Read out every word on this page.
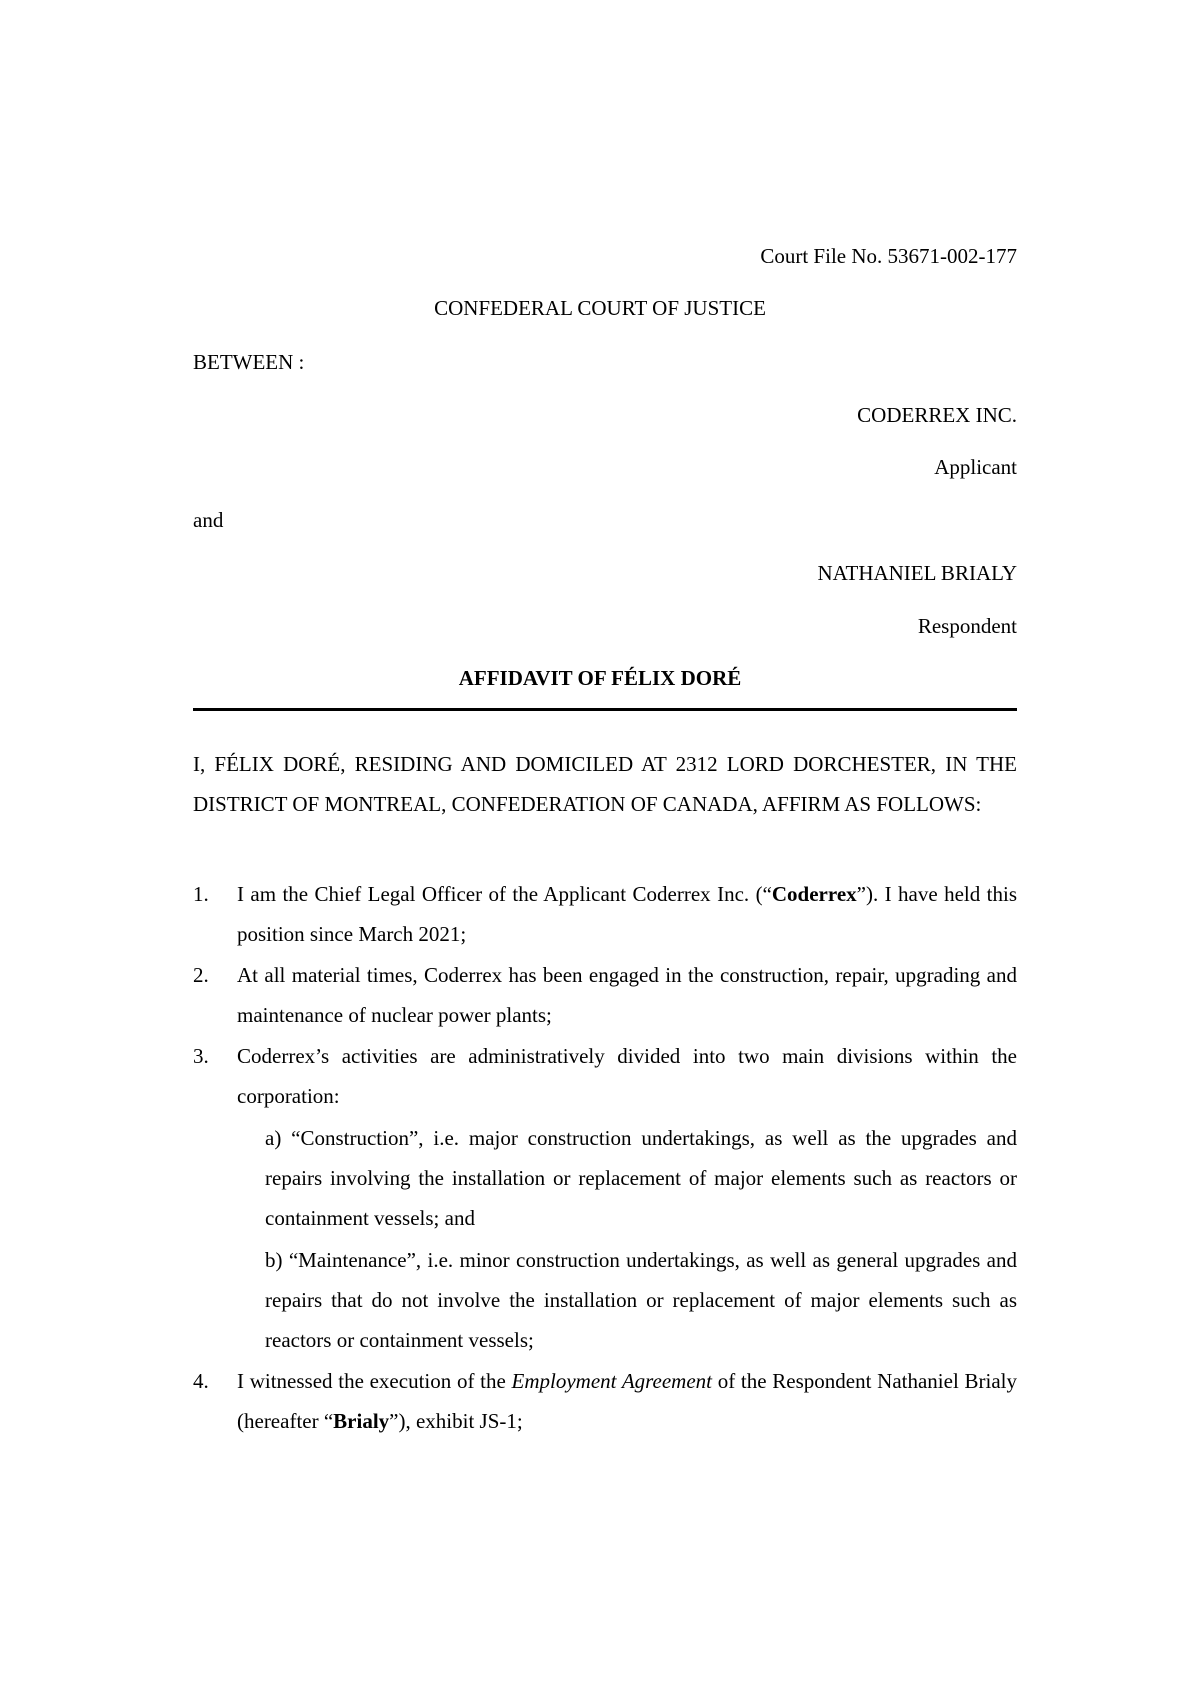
Court File No. 53671-002-177
CONFEDERAL COURT OF JUSTICE
BETWEEN :
CODERREX INC.
Applicant
and
NATHANIEL BRIALY
Respondent
AFFIDAVIT OF FÉLIX DORÉ
I, FÉLIX DORÉ, RESIDING AND DOMICILED AT 2312 LORD DORCHESTER, IN THE DISTRICT OF MONTREAL, CONFEDERATION OF CANADA, AFFIRM AS FOLLOWS:
1. I am the Chief Legal Officer of the Applicant Coderrex Inc. (“Coderrex”). I have held this position since March 2021;
2. At all material times, Coderrex has been engaged in the construction, repair, upgrading and maintenance of nuclear power plants;
3. Coderrex’s activities are administratively divided into two main divisions within the corporation:
a) “Construction”, i.e. major construction undertakings, as well as the upgrades and repairs involving the installation or replacement of major elements such as reactors or containment vessels; and
b) “Maintenance”, i.e. minor construction undertakings, as well as general upgrades and repairs that do not involve the installation or replacement of major elements such as reactors or containment vessels;
4. I witnessed the execution of the Employment Agreement of the Respondent Nathaniel Brialy (hereafter “Brialy”), exhibit JS-1;
